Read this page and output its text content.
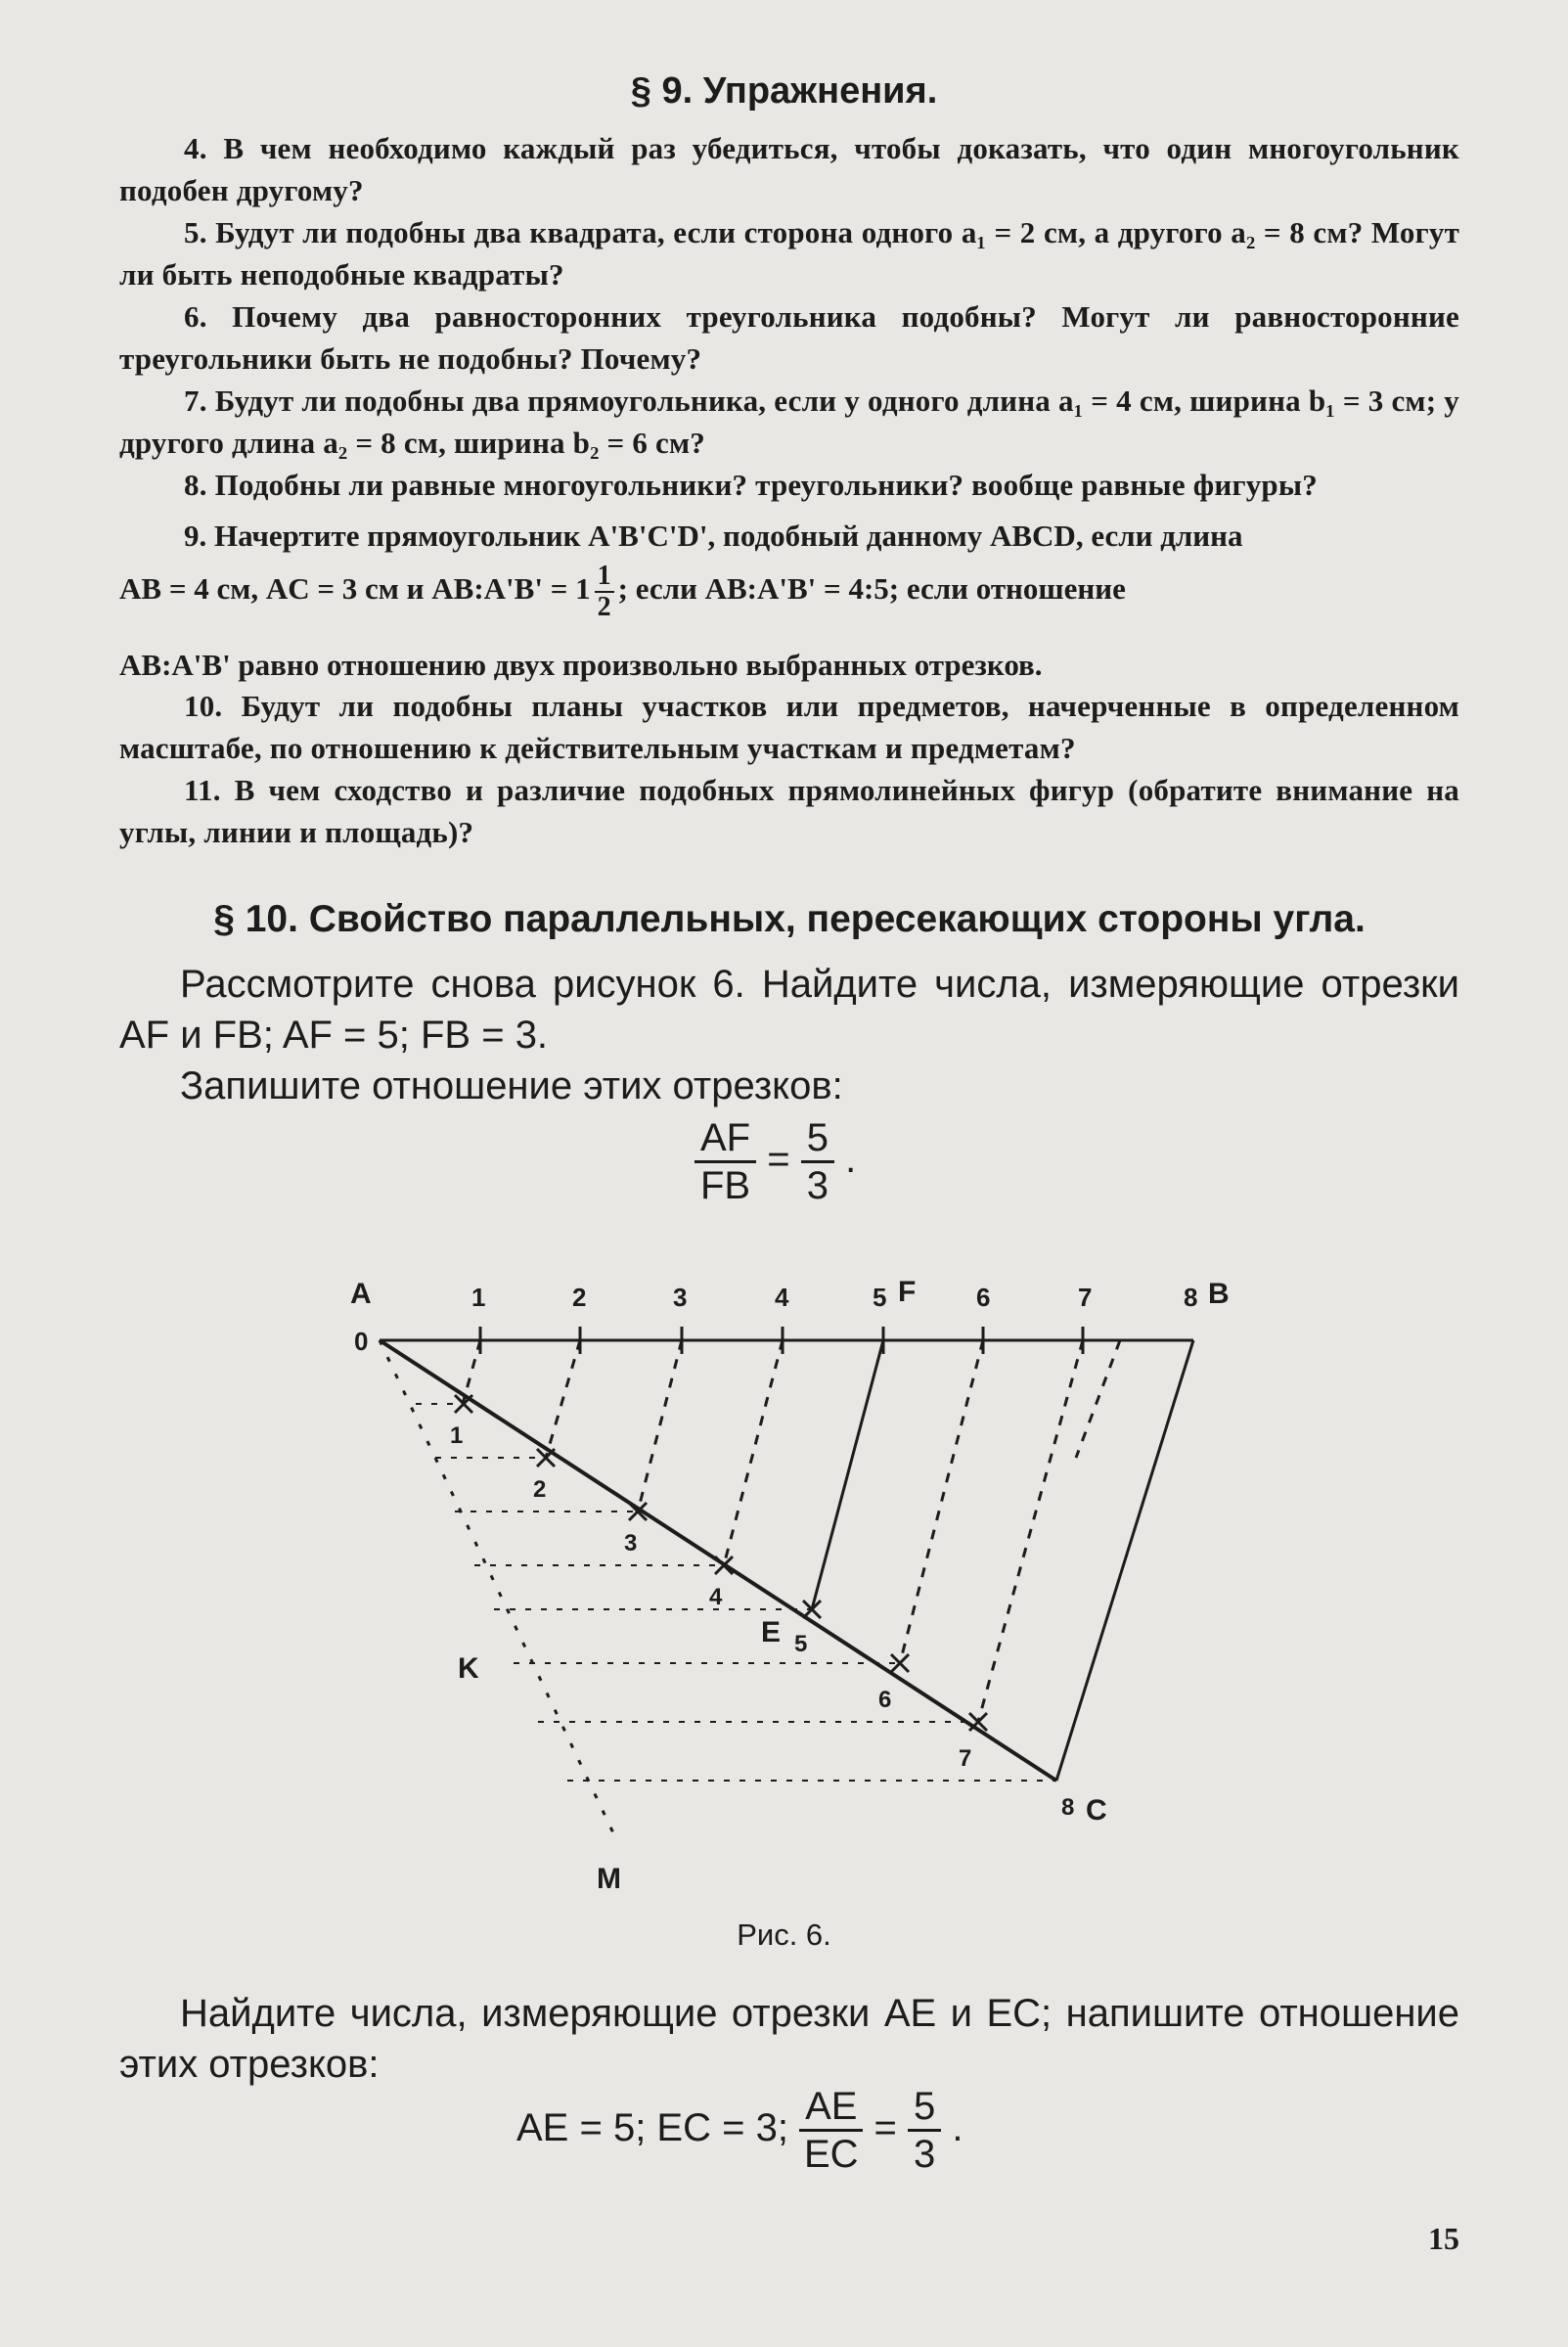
§ 9. Упражнения.

4. В чем необходимо каждый раз убедиться, чтобы доказать, что один многоугольник подобен другому?

5. Будут ли подобны два квадрата, если сторона одного a₁ = 2 см, а другого a₂ = 8 см? Могут ли быть неподобные квадраты?

6. Почему два равносторонних треугольника подобны? Могут ли равносторонние треугольники быть не подобны? Почему?

7. Будут ли подобны два прямоугольника, если у одного длина a₁ = 4 см, ширина b₁ = 3 см; у другого длина a₂ = 8 см, ширина b₂ = 6 см?

8. Подобны ли равные многоугольники? треугольники? вообще равные фигуры?

9. Начертите прямоугольник A'B'C'D', подобный данному ABCD, если длина
AB = 4 см, AC = 3 см и AB:A'B' = $1 \frac{1}{2}$ ; если AB:A'B' = 4:5; если отношение
AB:A'B' равно отношению двух произвольно выбранных отрезков.

10. Будут ли подобны планы участков или предметов, начерченные в определенном масштабе, по отношению к действительным участкам и предметам?

11. В чем сходство и различие подобных прямолинейных фигур (обратите внимание на углы, линии и площадь)?

§ 10. Свойство параллельных, пересекающих стороны угла.

Рассмотрите снова рисунок 6. Найдите числа, измеряющие отрезки AF и FB; AF = 5; FB = 3.

Запишите отношение этих отрезков:

$\frac{AF}{FB} = \frac{5}{3}$ .
A	B
C
E
F
K
M
0
1	2	3	4	5	6	7	8
1
2
3
4
5
6
7
8
Рис. 6.

Найдите числа, измеряющие отрезки AE и EC; напишите отношение этих отрезков:

AE = 5; EC = 3; $\frac{AE}{EC} = \frac{5}{3}$ .
15
